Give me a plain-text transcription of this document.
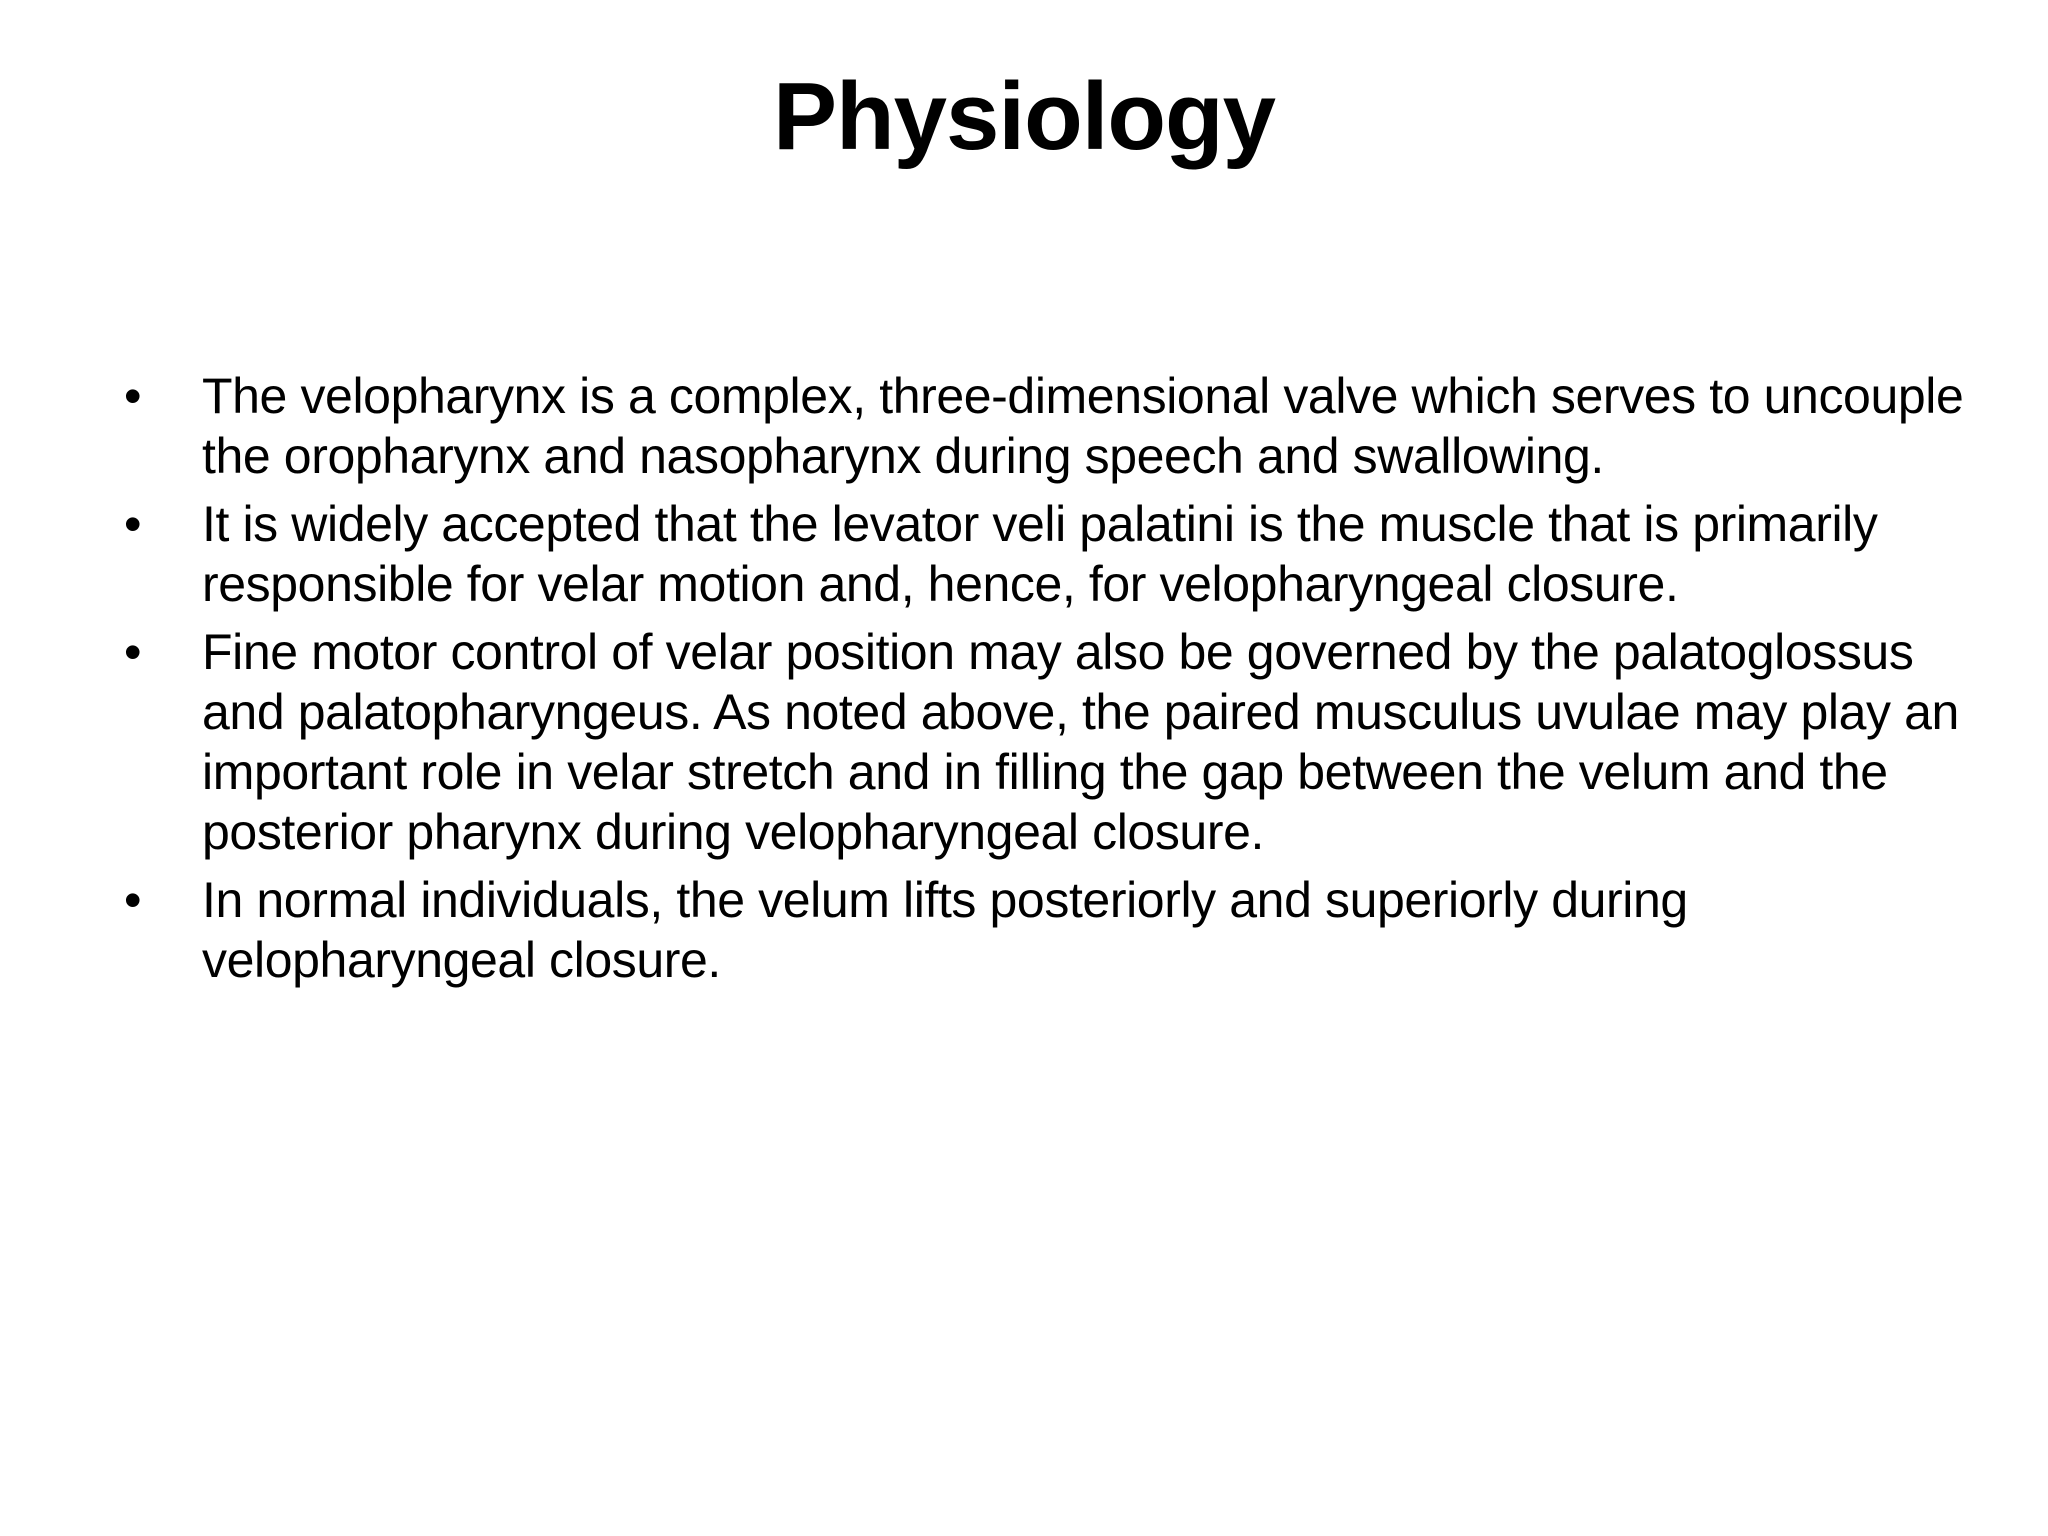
Physiology
•	The velopharynx is a complex, three-dimensional valve which serves to uncouple the oropharynx and nasopharynx during speech and swallowing.
•	It is widely accepted that the levator veli palatini is the muscle that is primarily responsible for velar motion and, hence, for velopharyngeal closure.
•	Fine motor control of velar position may also be governed by the palatoglossus and palatopharyngeus. As noted above, the paired musculus uvulae may play an important role in velar stretch and in filling the gap between the velum and the posterior pharynx during velopharyngeal closure.
•	In normal individuals, the velum lifts posteriorly and superiorly during velopharyngeal closure.
